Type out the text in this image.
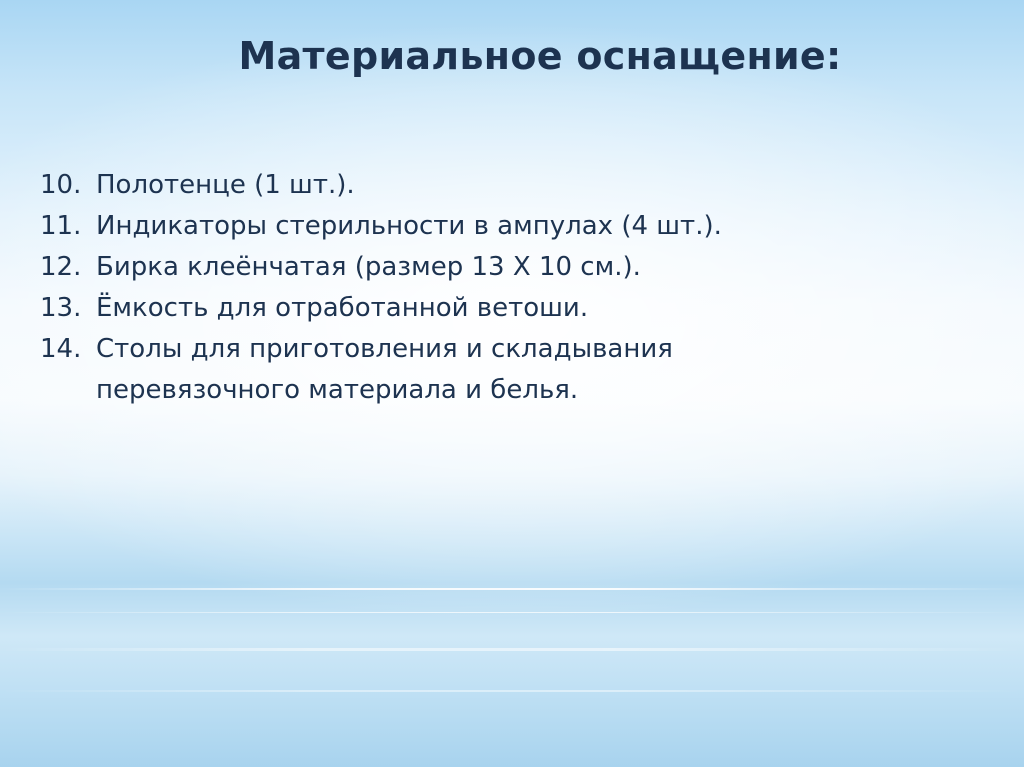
Материальное оснащение:
10. Полотенце (1 шт.).
11. Индикаторы стерильности в ампулах (4 шт.).
12. Бирка клеёнчатая (размер 13 Х 10 см.).
13. Ёмкость для отработанной ветоши.
14. Столы для приготовления и складывания перевязочного материала и белья.
